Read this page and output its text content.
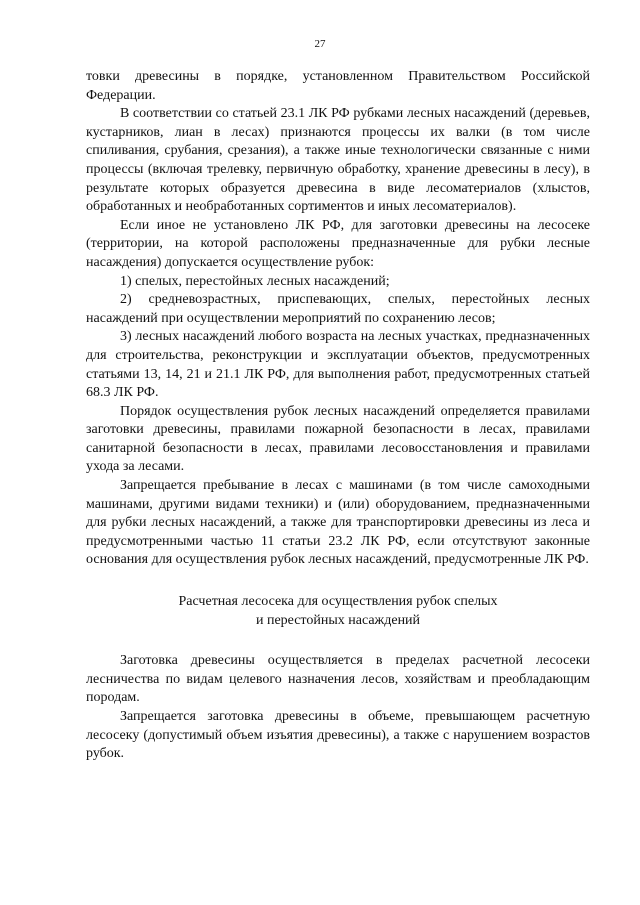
27

товки древесины в порядке, установленном Правительством Российской Федерации.

В соответствии со статьей 23.1 ЛК РФ рубками лесных насаждений (деревьев, кустарников, лиан в лесах) признаются процессы их валки (в том числе спиливания, срубания, срезания), а также иные технологически связанные с ними процессы (включая трелевку, первичную обработку, хранение древесины в лесу), в результате которых образуется древесина в виде лесоматериалов (хлыстов, обработанных и необработанных сортиментов и иных лесоматериалов).

Если иное не установлено ЛК РФ, для заготовки древесины на лесосеке (территории, на которой расположены предназначенные для рубки лесные насаждения) допускается осуществление рубок:

1) спелых, перестойных лесных насаждений;

2) средневозрастных, приспевающих, спелых, перестойных лесных насаждений при осуществлении мероприятий по сохранению лесов;

3) лесных насаждений любого возраста на лесных участках, предназначенных для строительства, реконструкции и эксплуатации объектов, предусмотренных статьями 13, 14, 21 и 21.1 ЛК РФ, для выполнения работ, предусмотренных статьей 68.3 ЛК РФ.

Порядок осуществления рубок лесных насаждений определяется правилами заготовки древесины, правилами пожарной безопасности в лесах, правилами санитарной безопасности в лесах, правилами лесовосстановления и правилами ухода за лесами.

Запрещается пребывание в лесах с машинами (в том числе самоходными машинами, другими видами техники) и (или) оборудованием, предназначенными для рубки лесных насаждений, а также для транспортировки древесины из леса и предусмотренными частью 11 статьи 23.2 ЛК РФ, если отсутствуют законные основания для осуществления рубок лесных насаждений, предусмотренные ЛК РФ.

Расчетная лесосека для осуществления рубок спелых
и перестойных насаждений

Заготовка древесины осуществляется в пределах расчетной лесосеки лесничества по видам целевого назначения лесов, хозяйствам и преобладающим породам.

Запрещается заготовка древесины в объеме, превышающем расчетную лесосеку (допустимый объем изъятия древесины), а также с нарушением возрастов рубок.
